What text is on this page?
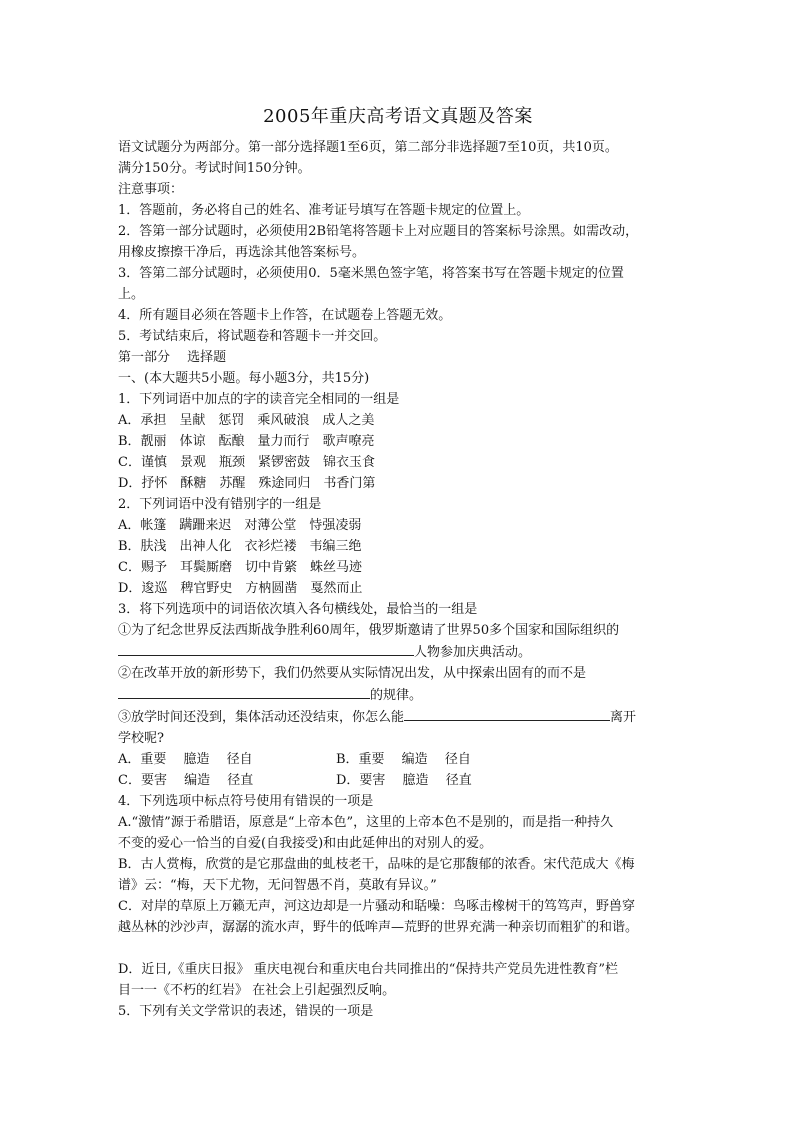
2005年重庆高考语文真题及答案
语文试题分为两部分。第一部分选择题1至6页，第二部分非选择题7至10页，共10页。
满分150分。考试时间150分钟。
注意事项：
1．答题前，务必将自己的姓名、准考证号填写在答题卡规定的位置上。
2．答第一部分试题时，必须使用2B铅笔将答题卡上对应题目的答案标号涂黑。如需改动，
用橡皮擦擦干净后，再选涂其他答案标号。
3．答第二部分试题时，必须使用0．5毫米黑色签字笔，将答案书写在答题卡规定的位置
上。
4．所有题目必须在答题卡上作答，在试题卷上答题无效。
5．考试结束后，将试题卷和答题卡一并交回。
第一部分　 选择题
一、(本大题共5小题。每小题3分，共15分)
1．下列词语中加点的字的读音完全相同的一组是
A．承担　呈献　惩罚　乘风破浪　成人之美
B．靓丽　体谅　酝酿　量力而行　歌声嘹亮
C．谨慎　景观　瓶颈　紧锣密鼓　锦衣玉食
D．抒怀　酥糖　苏醒　殊途同归　书香门第
2．下列词语中没有错别字的一组是
A．帐篷　蹒跚来迟　对薄公堂　恃强凌弱
B．肤浅　出神人化　衣衫烂褛　韦编三绝
C．赐予　耳鬓厮磨　切中肯綮　蛛丝马迹
D．逡巡　稗官野史　方枘圆凿　戛然而止
3．将下列选项中的词语依次填入各句横线处，最恰当的一组是
①为了纪念世界反法西斯战争胜利60周年，俄罗斯邀请了世界50多个国家和国际组织的
人物参加庆典活动。
②在改革开放的新形势下，我们仍然要从实际情况出发，从中探索出固有的而不是
的规律。
③放学时间还没到，集体活动还没结束，你怎么能	离开
学校呢?
A．重要　 臆造　 径自	B．重要　 编造　 径自
C．要害　 编造　 径直	D．要害　 臆造　 径直
4．下列选项中标点符号使用有错误的一项是
A.“激情”源于希腊语，原意是“上帝本色”，这里的上帝本色不是别的，而是指一种持久
不变的爱心一恰当的自爱(自我接受)和由此延伸出的对别人的爱。
B．古人赏梅，欣赏的是它那盘曲的虬枝老干，品味的是它那馥郁的浓香。宋代范成大《梅
谱》云：“梅，天下尤物，无问智愚不肖，莫敢有异议。”
C．对岸的草原上万籁无声，河这边却是一片骚动和聒噪：鸟啄击橡树干的笃笃声，野兽穿
越丛林的沙沙声，潺潺的流水声，野牛的低哞声—荒野的世界充满一种亲切而粗犷的和谐。
D．近日,《重庆日报》 重庆电视台和重庆电台共同推出的“保持共产党员先进性教育”栏
目一一《不朽的红岩》 在社会上引起强烈反响。
5．下列有关文学常识的表述，错误的一项是
